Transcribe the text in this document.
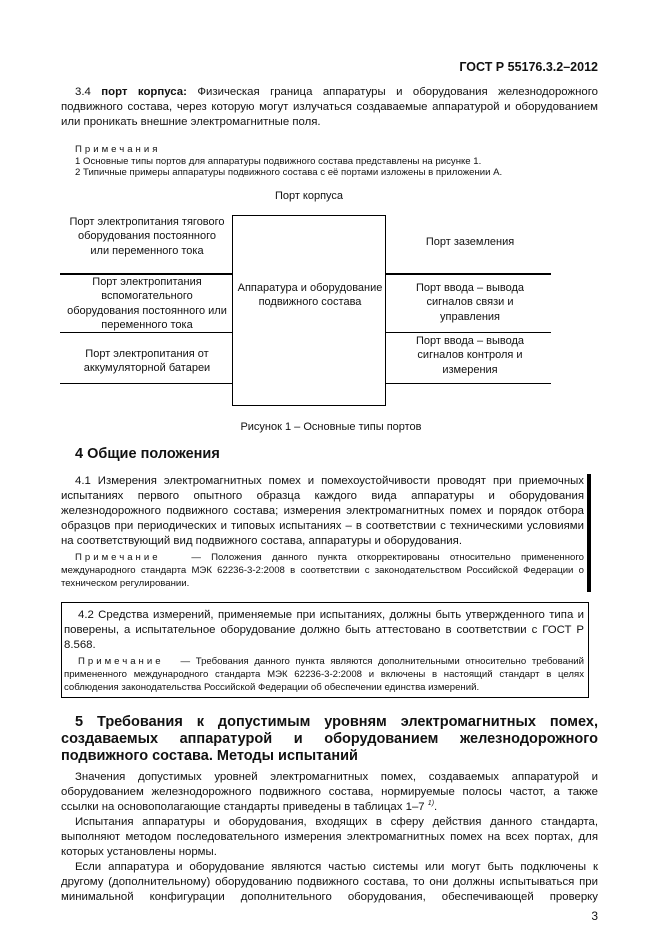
ГОСТ Р 55176.3.2–2012

3.4 порт корпуса: Физическая граница аппаратуры и оборудования железнодорожного подвижного состава, через которую могут излучаться создаваемые аппаратурой и оборудованием или проникать внешние электромагнитные поля.

Примечания
1 Основные типы портов для аппаратуры подвижного состава представлены на рисунке 1.
2 Типичные примеры аппаратуры подвижного состава с её портами изложены в приложении А.
Порт корпуса
Аппаратура и оборудование подвижного состава
Порт электропитания тягового оборудования постоянного или переменного тока
Порт электропитания вспомогательного оборудования постоянного или переменного тока
Порт электропитания от аккумуляторной батареи
Порт заземления
Порт ввода – вывода сигналов связи и управления
Порт ввода – вывода сигналов контроля и измерения
Рисунок 1 – Основные типы портов
4 Общие положения

4.1 Измерения электромагнитных помех и помехоустойчивости проводят при приемочных испытаниях первого опытного образца каждого вида аппаратуры и оборудования железнодорожного подвижного состава; измерения электромагнитных помех и порядок отбора образцов при периодических и типовых испытаниях – в соответствии с техническими условиями на соответствующий вид подвижного состава, аппаратуры и оборудования.

Примечание	— Положения данного пункта откорректированы относительно примененного международного стандарта МЭК 62236-3-2:2008 в соответствии с законодательством Российской Федерации о техническом регулировании.

4.2 Средства измерений, применяемые при испытаниях, должны быть утвержденного типа и поверены, а испытательное оборудование должно быть аттестовано в соответствии с ГОСТ Р 8.568.

Примечание — Требования данного пункта являются дополнительными относительно требований примененного международного стандарта МЭК 62236-3-2:2008 и включены в настоящий стандарт в целях соблюдения законодательства Российской Федерации об обеспечении единства измерений.

5 Требования к допустимым уровням электромагнитных помех, создаваемых аппаратурой и оборудованием железнодорожного подвижного состава. Методы испытаний

Значения допустимых уровней электромагнитных помех, создаваемых аппаратурой и оборудованием железнодорожного подвижного состава, нормируемые полосы частот, а также ссылки на основополагающие стандарты приведены в таблицах 1–7 $^{1)}$.

Испытания аппаратуры и оборудования, входящих в сферу действия данного стандарта, выполняют методом последовательного измерения электромагнитных помех на всех портах, для которых установлены нормы.

Если аппаратура и оборудование являются частью системы или могут быть подключены к другому (дополнительному) оборудованию подвижного состава, то они должны испытываться при минимальной конфигурации дополнительного оборудования, обеспечивающей проверку

3
